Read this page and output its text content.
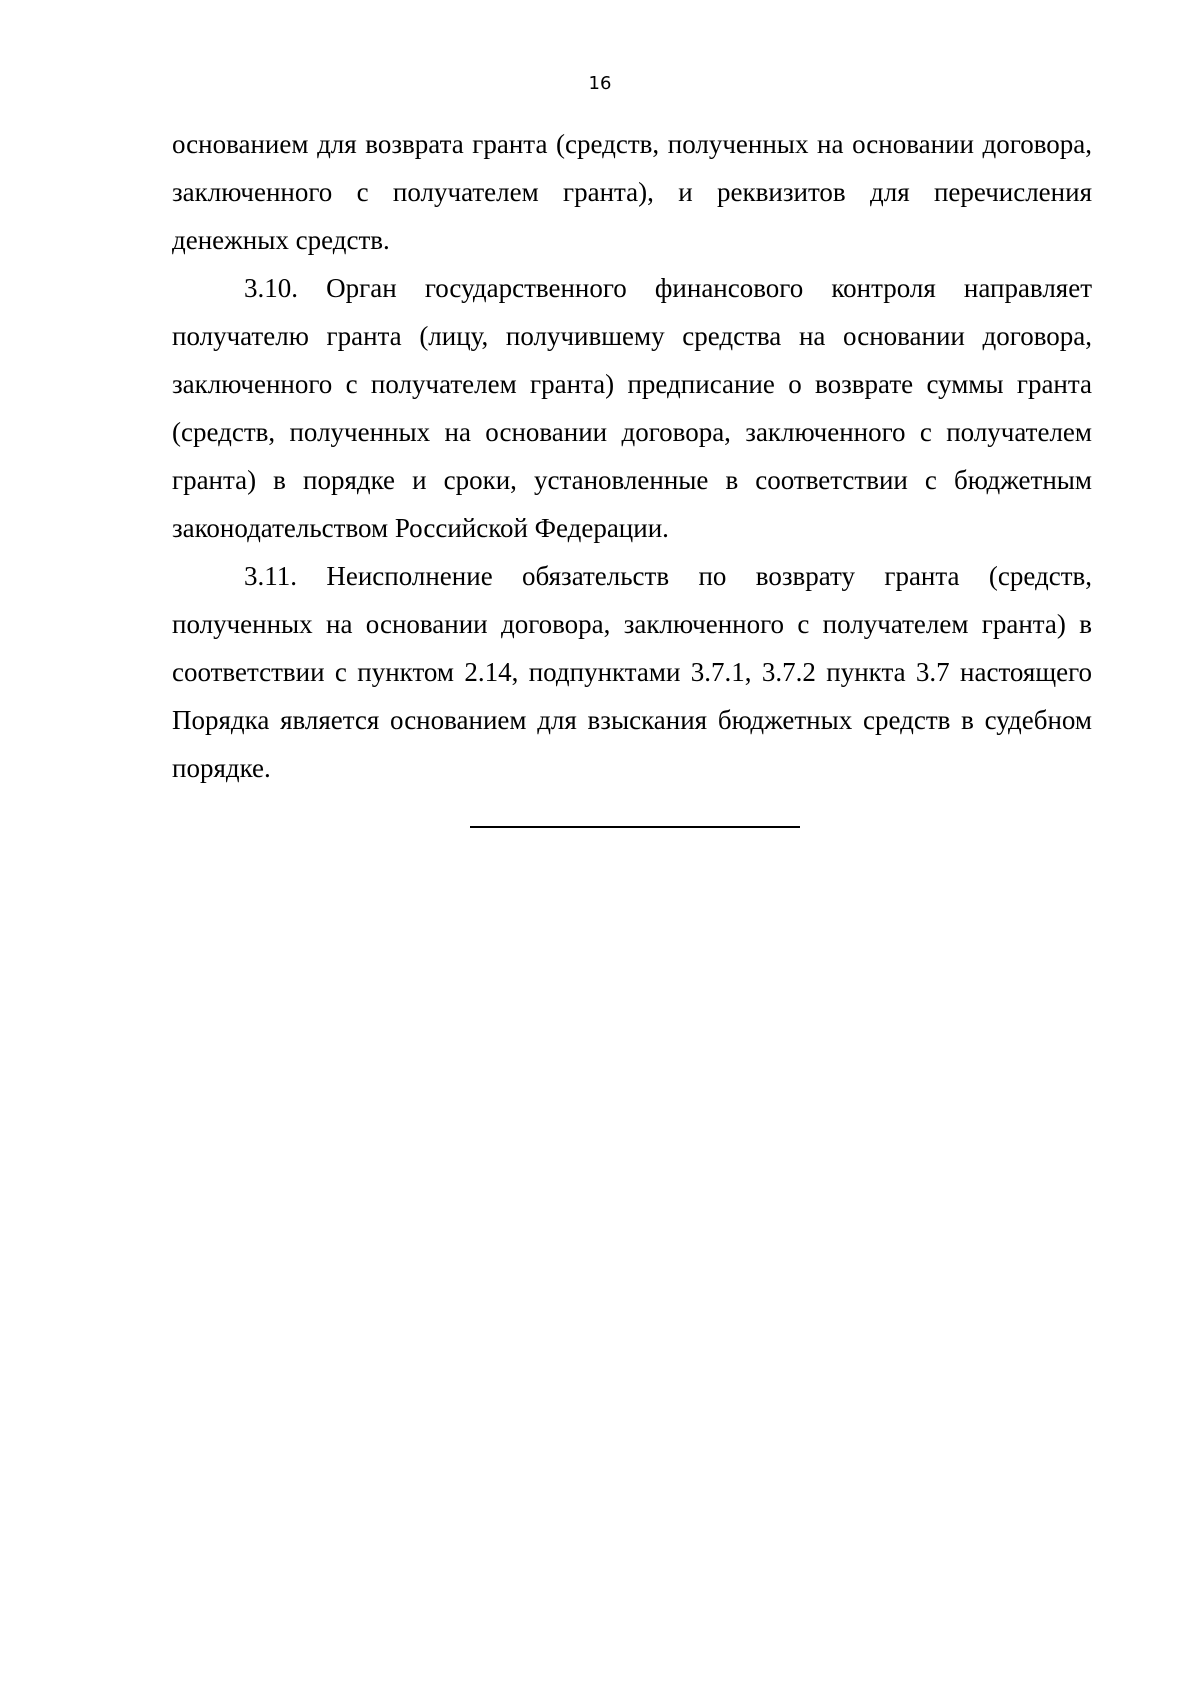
16

основанием для возврата гранта (средств, полученных на основании договора, заключенного с получателем гранта), и реквизитов для перечисления денежных средств.

3.10. Орган государственного финансового контроля направляет получателю гранта (лицу, получившему средства на основании договора, заключенного с получателем гранта) предписание о возврате суммы гранта (средств, полученных на основании договора, заключенного с получателем гранта) в порядке и сроки, установленные в соответствии с бюджетным законодательством Российской Федерации.

3.11. Неисполнение обязательств по возврату гранта (средств, полученных на основании договора, заключенного с получателем гранта) в соответствии с пунктом 2.14, подпунктами 3.7.1, 3.7.2 пункта 3.7 настоящего Порядка является основанием для взыскания бюджетных средств в судебном порядке.
